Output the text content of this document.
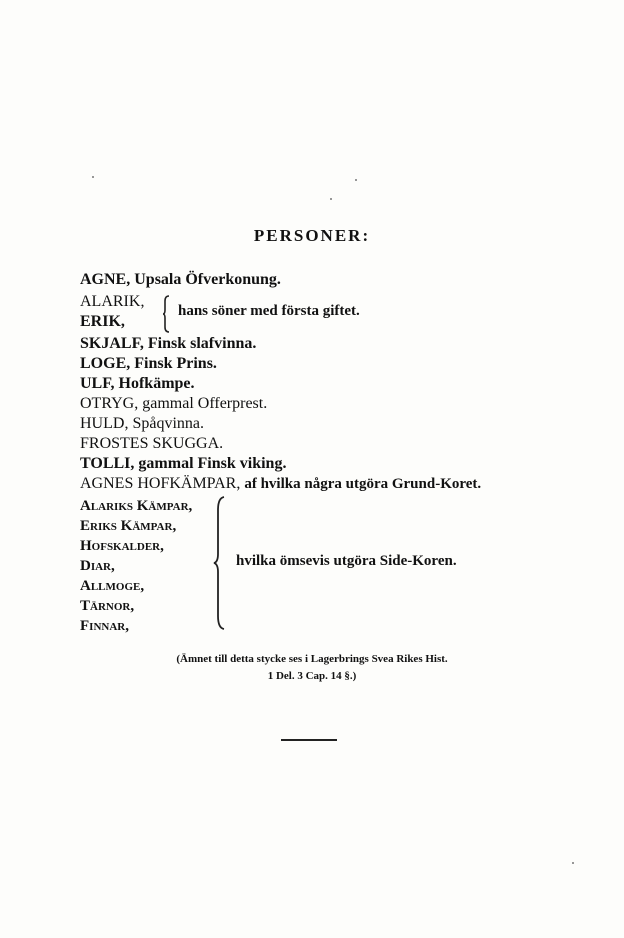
PERSONER:
AGNE, Upsala Öfverkonung.
ALARIK,
ERIK,
hans söner med första giftet.
SKJALF, Finsk slafvinna.
LOGE, Finsk Prins.
ULF, Hofkämpe.
OTRYG, gammal Offerprest.
HULD, Spåqvinna.
FROSTES SKUGGA.
TOLLI, gammal Finsk viking.
AGNES HOFKÄMPAR, af hvilka några utgöra Grund-Koret.
Alariks Kämpar,
Eriks Kämpar,
Hofskalder,
Diar,
Allmoge,
Tärnor,
Finnar,
hvilka ömsevis utgöra Side-Koren.
(Ämnet till detta stycke ses i Lagerbrings Svea Rikes Hist.
1 Del. 3 Cap. 14 §.)
